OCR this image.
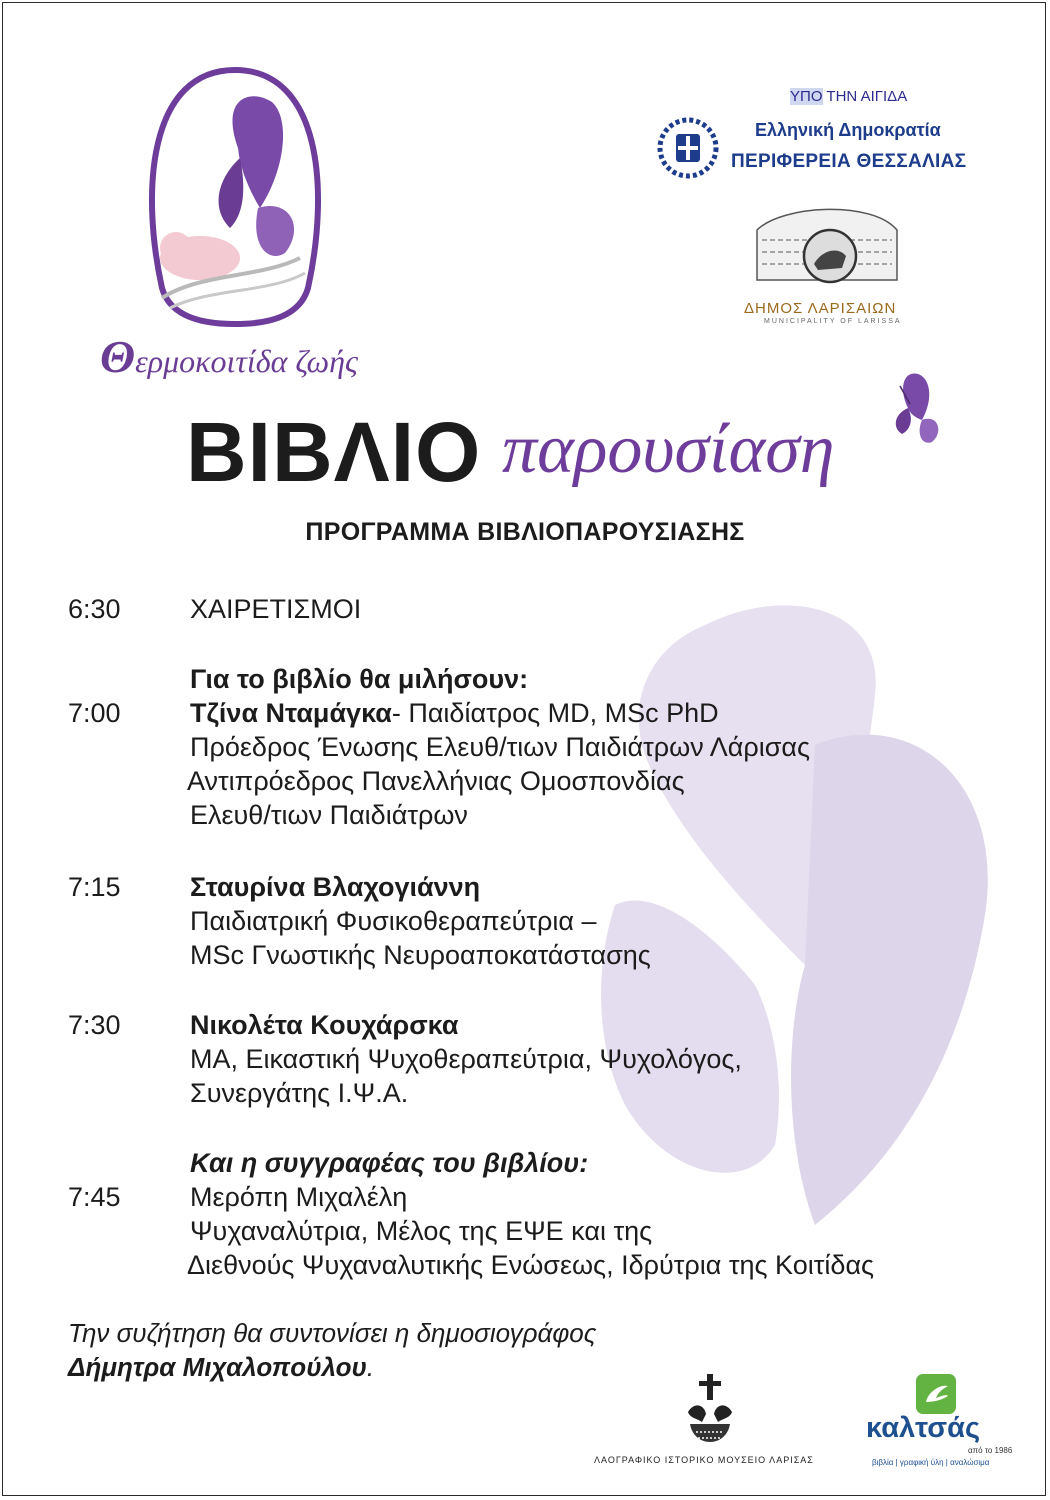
Θερμοκοιτίδα ζωής
ΥΠΟ ΤΗΝ ΑΙΓΙΔΑ
Ελληνική Δημοκρατία
ΠΕΡΙΦΕΡΕΙΑ ΘΕΣΣΑΛΙΑΣ
ΔΗΜΟΣ ΛΑΡΙΣΑΙΩΝ
MUNICIPALITY OF LARISSA
ΒΙΒΛΙΟ παρουσίαση
ΠΡΟΓΡΑΜΜΑ ΒΙΒΛΙΟΠΑΡΟΥΣΙΑΣΗΣ
6:30	ΧΑΙΡΕΤΙΣΜΟΙ
Για το βιβλίο θα μιλήσουν:
7:00	Τζίνα Νταμάγκα- Παιδίατρος MD, MSc PhD
Πρόεδρος Ένωσης Ελευθ/τιων Παιδιάτρων Λάρισας
Αντιπρόεδρος Πανελλήνιας Ομοσπονδίας
Ελευθ/τιων Παιδιάτρων
7:15	Σταυρίνα Βλαχογιάννη
Παιδιατρική Φυσικοθεραπεύτρια –
MSc Γνωστικής Νευροαποκατάστασης
7:30	Νικολέτα Κουχάρσκα
MA, Εικαστική Ψυχοθεραπεύτρια, Ψυχολόγος,
Συνεργάτης Ι.Ψ.Α.
Και η συγγραφέας του βιβλίου:
7:45	Μερόπη Μιχαλέλη
Ψυχαναλύτρια, Μέλος της ΕΨΕ και της
Διεθνούς Ψυχαναλυτικής Ενώσεως, Ιδρύτρια της Κοιτίδας
Την συζήτηση θα συντονίσει η δημοσιογράφος
Δήμητρα Μιχαλοπούλου.
ΛΑΟΓΡΑΦΙΚΟ ΙΣΤΟΡΙΚΟ ΜΟΥΣΕΙΟ ΛΑΡΙΣΑΣ
καλτσάς
από το 1986
βιβλία | γραφική ύλη | αναλώσιμα
